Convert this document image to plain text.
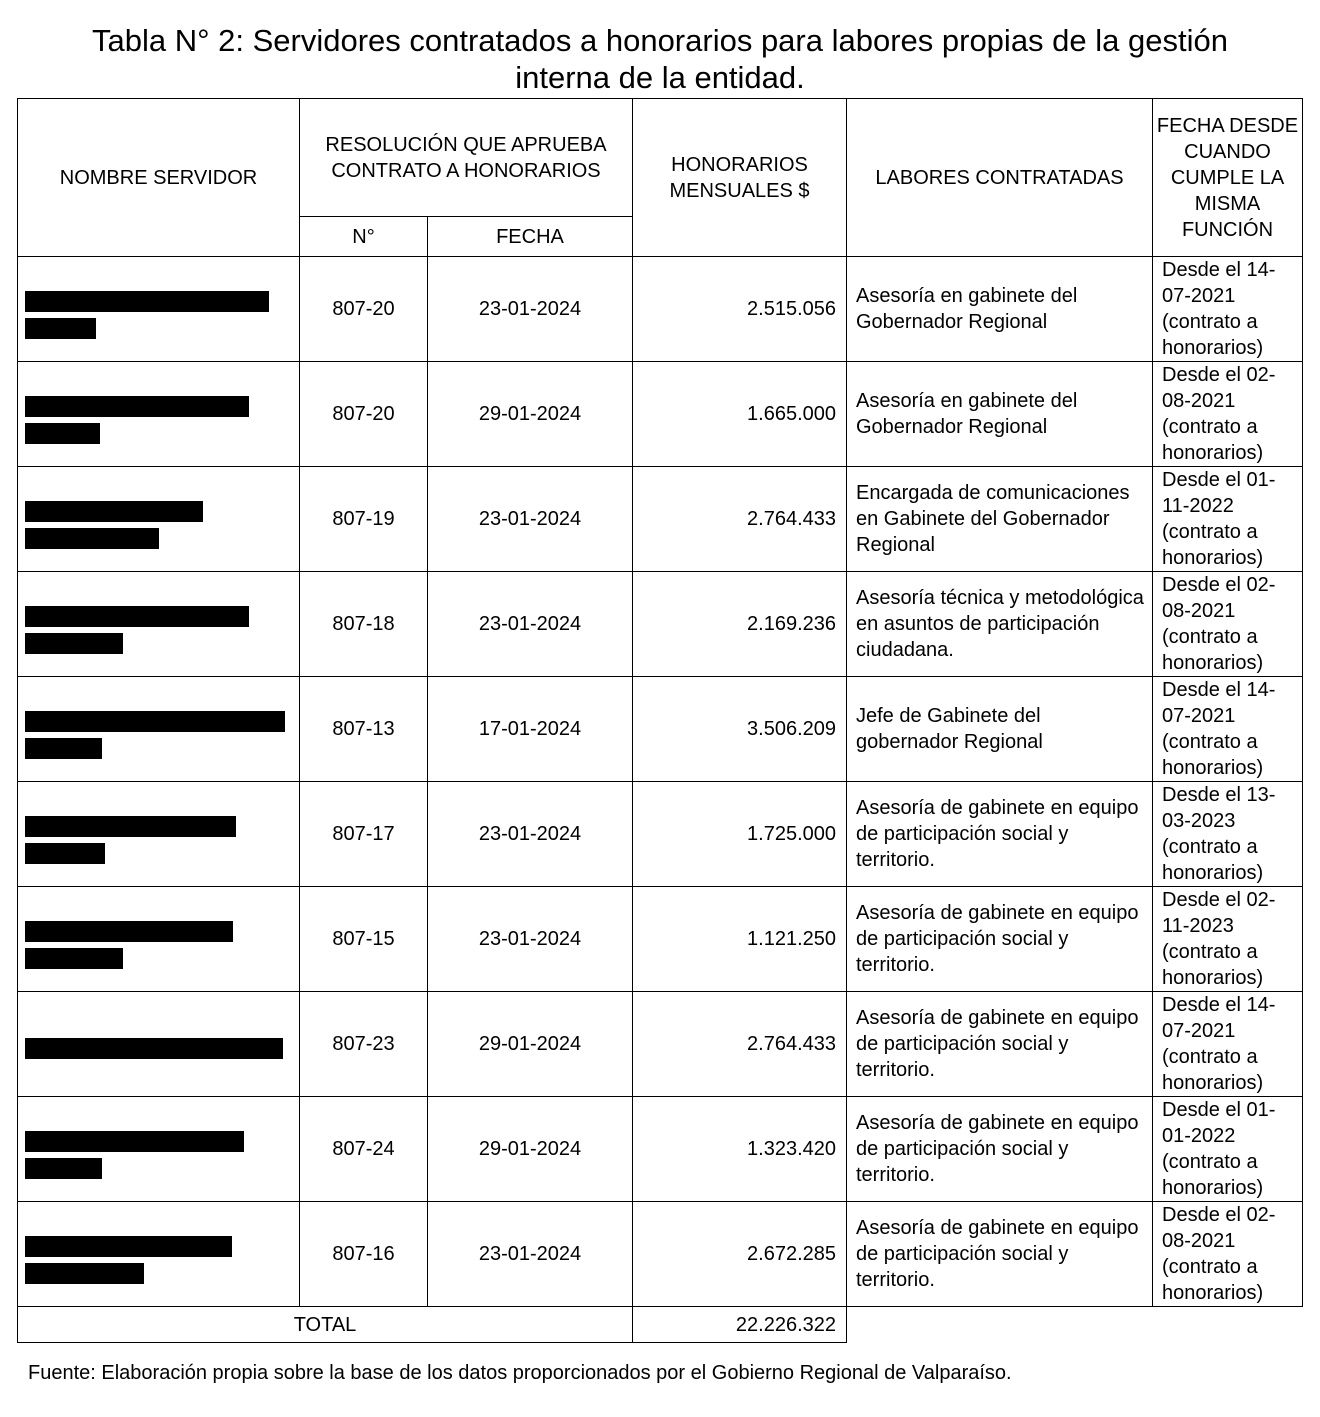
Tabla N° 2: Servidores contratados a honorarios para labores propias de la gestión
interna de la entidad.
NOMBRE SERVIDOR	RESOLUCIÓN QUE APRUEBA CONTRATO A HONORARIOS		HONORARIOS MENSUALES $	LABORES CONTRATADAS	FECHA DESDE CUANDO CUMPLE LA MISMA FUNCIÓN
	N°	FECHA			

	807-20	23-01-2024	2.515.056	Asesoría en gabinete del Gobernador Regional	Desde el 14-07-2021 (contrato a honorarios)

	807-20	29-01-2024	1.665.000	Asesoría en gabinete del Gobernador Regional	Desde el 02-08-2021 (contrato a honorarios)

	807-19	23-01-2024	2.764.433	Encargada de comunicaciones en Gabinete del Gobernador Regional	Desde el 01-11-2022 (contrato a honorarios)

	807-18	23-01-2024	2.169.236	Asesoría técnica y metodológica en asuntos de participación ciudadana.	Desde el 02-08-2021 (contrato a honorarios)

	807-13	17-01-2024	3.506.209	Jefe de Gabinete del gobernador Regional	Desde el 14-07-2021 (contrato a honorarios)

	807-17	23-01-2024	1.725.000	Asesoría de gabinete en equipo de participación social y territorio.	Desde el 13-03-2023 (contrato a honorarios)

	807-15	23-01-2024	1.121.250	Asesoría de gabinete en equipo de participación social y territorio.	Desde el 02-11-2023 (contrato a honorarios)

	807-23	29-01-2024	2.764.433	Asesoría de gabinete en equipo de participación social y territorio.	Desde el 14-07-2021 (contrato a honorarios)

	807-24	29-01-2024	1.323.420	Asesoría de gabinete en equipo de participación social y territorio.	Desde el 01-01-2022 (contrato a honorarios)

	807-16	23-01-2024	2.672.285	Asesoría de gabinete en equipo de participación social y territorio.	Desde el 02-08-2021 (contrato a honorarios)
TOTAL			22.226.322		
Fuente: Elaboración propia sobre la base de los datos proporcionados por el Gobierno Regional de Valparaíso.
